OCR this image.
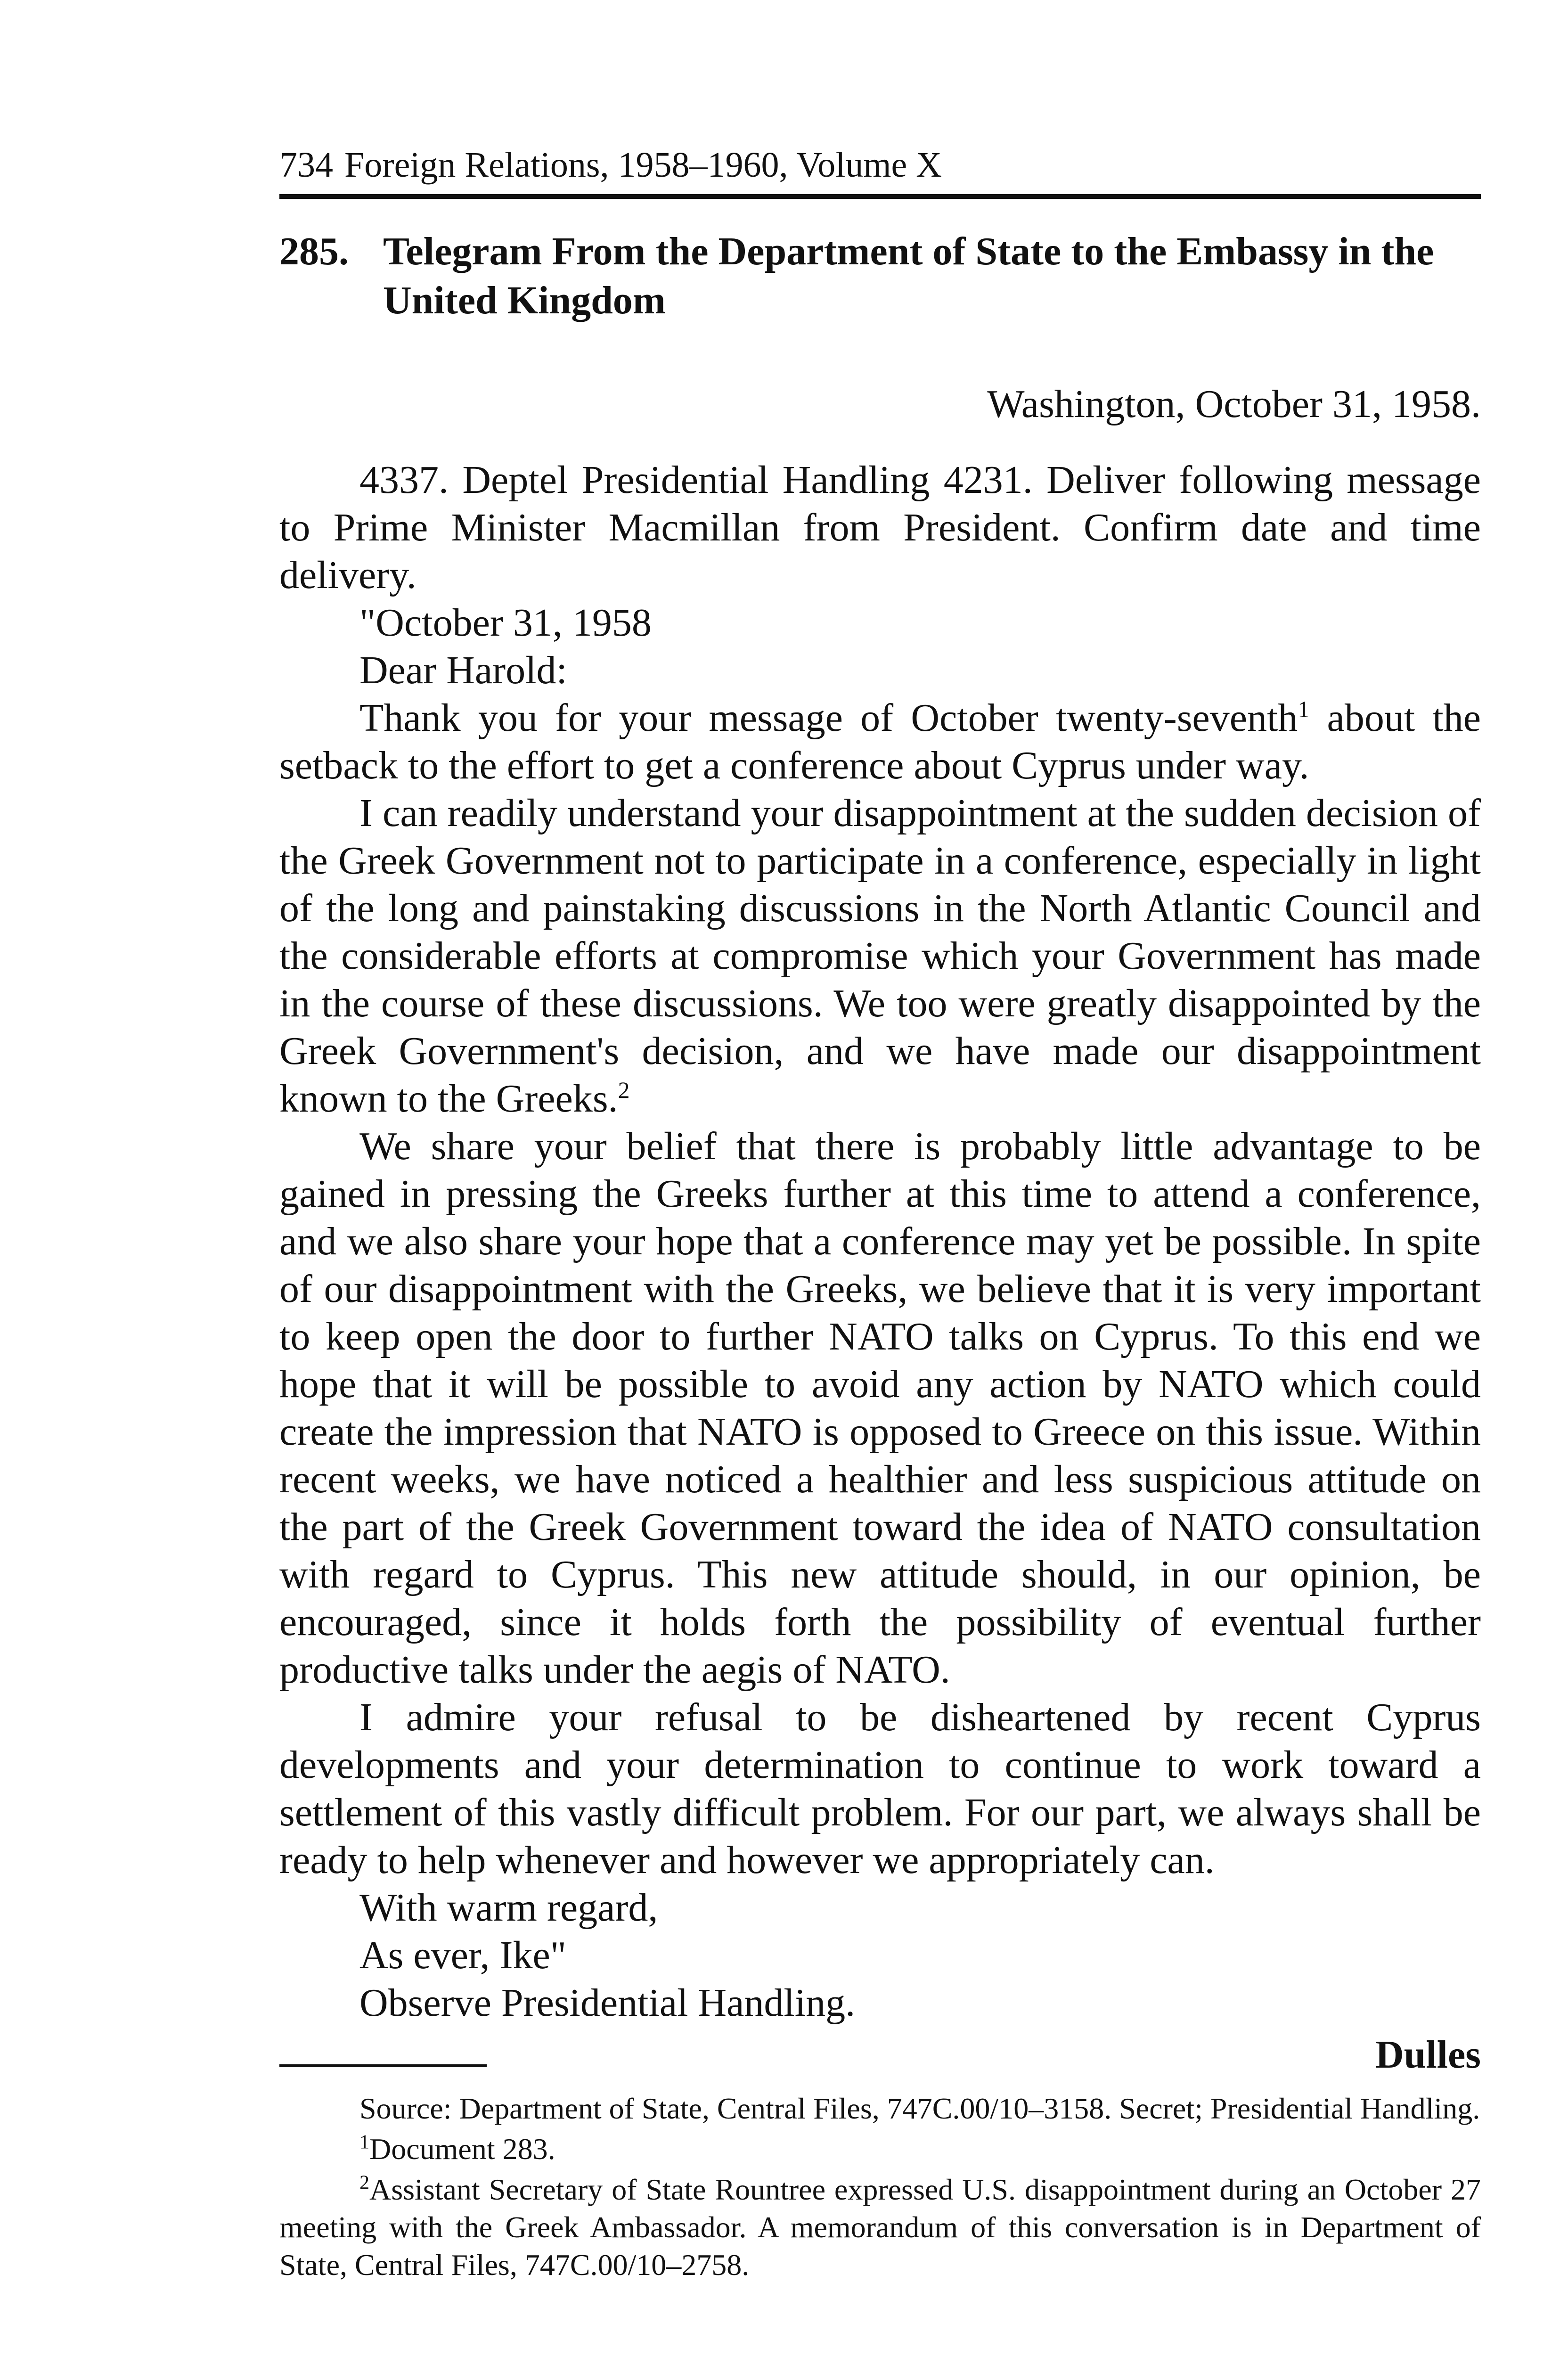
734 Foreign Relations, 1958–1960, Volume X
285. Telegram From the Department of State to the Embassy in the United Kingdom
Washington, October 31, 1958.

4337. Deptel Presidential Handling 4231. Deliver following message to Prime Minister Macmillan from President. Confirm date and time delivery.

"October 31, 1958

Dear Harold:

Thank you for your message of October twenty-seventh$^1$ about the setback to the effort to get a conference about Cyprus under way.

I can readily understand your disappointment at the sudden decision of the Greek Government not to participate in a conference, especially in light of the long and painstaking discussions in the North Atlantic Council and the considerable efforts at compromise which your Government has made in the course of these discussions. We too were greatly disappointed by the Greek Government's decision, and we have made our disappointment known to the Greeks.$^2$

We share your belief that there is probably little advantage to be gained in pressing the Greeks further at this time to attend a conference, and we also share your hope that a conference may yet be possible. In spite of our disappointment with the Greeks, we believe that it is very important to keep open the door to further NATO talks on Cyprus. To this end we hope that it will be possible to avoid any action by NATO which could create the impression that NATO is opposed to Greece on this issue. Within recent weeks, we have noticed a healthier and less suspicious attitude on the part of the Greek Government toward the idea of NATO consultation with regard to Cyprus. This new attitude should, in our opinion, be encouraged, since it holds forth the possibility of eventual further productive talks under the aegis of NATO.

I admire your refusal to be disheartened by recent Cyprus developments and your determination to continue to work toward a settlement of this vastly difficult problem. For our part, we always shall be ready to help whenever and however we appropriately can.

With warm regard,

As ever, Ike"

Observe Presidential Handling.

Dulles

Source: Department of State, Central Files, 747C.00/10–3158. Secret; Presidential Handling.

$^1$Document 283.

$^2$Assistant Secretary of State Rountree expressed U.S. disappointment during an October 27 meeting with the Greek Ambassador. A memorandum of this conversation is in Department of State, Central Files, 747C.00/10–2758.
